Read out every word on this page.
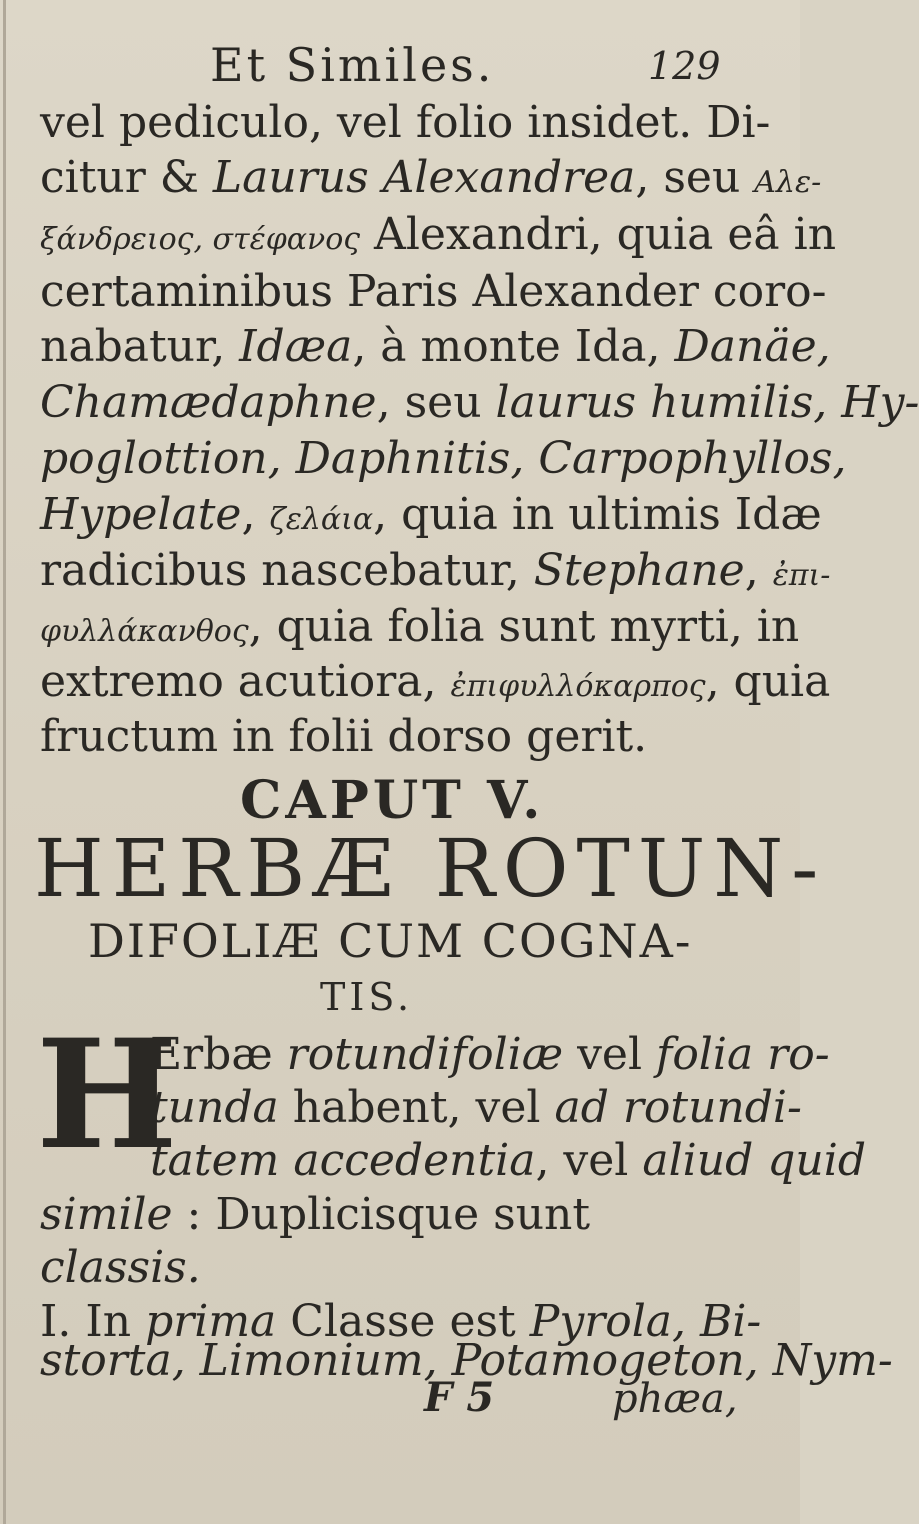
Et Similes.	129
vel pediculo, vel folio insidet. Di-
citur & Laurus Alexandrea, seu Αλε-
ξάνδρειος, στέφανος Alexandri, quia eâ in
certaminibus Paris Alexander coro-
nabatur, Idæa, à monte Ida, Danäe,
Chamædaphne, seu laurus humilis, Hy-
poglottion, Daphnitis, Carpophyllos,
Hypelate, ζελάια, quia in ultimis Idæ
radicibus nascebatur, Stephane, ἐπι-
φυλλάκανθος, quia folia sunt myrti, in
extremo acutiora, ἐπιφυλλόκαρπος, quia
fructum in folii dorso gerit.
CAPUT V.
HERBÆ ROTUN-
DIFOLIÆ CUM COGNA-
TIS.
H
Erbæ rotundifoliæ vel folia ro-
tunda habent, vel ad rotundi-
tatem accedentia, vel aliud quid
simile : Duplicisque sunt
classis.
I. In prima Classe est Pyrola, Bi-
storta, Limonium, Potamogeton, Nym-
F 5	phæa,
